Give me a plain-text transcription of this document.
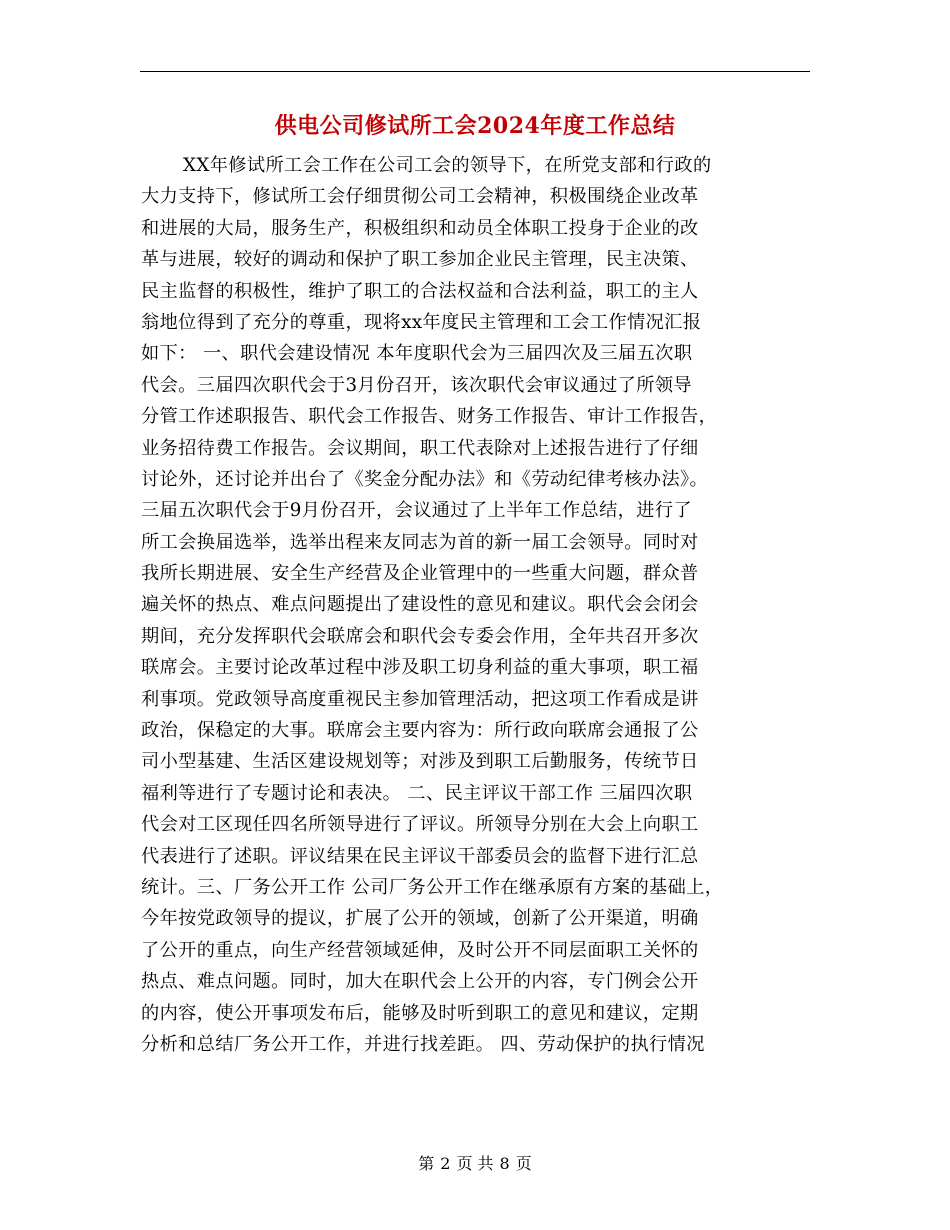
供电公司修试所工会2024年度工作总结
XX年修试所工会工作在公司工会的领导下，在所党支部和行政的
大力支持下，修试所工会仔细贯彻公司工会精神，积极围绕企业改革
和进展的大局，服务生产，积极组织和动员全体职工投身于企业的改
革与进展，较好的调动和保护了职工参加企业民主管理，民主决策、
民主监督的积极性，维护了职工的合法权益和合法利益，职工的主人
翁地位得到了充分的尊重，现将xx年度民主管理和工会工作情况汇报
如下： 一、职代会建设情况 本年度职代会为三届四次及三届五次职
代会。三届四次职代会于3月份召开，该次职代会审议通过了所领导
分管工作述职报告、职代会工作报告、财务工作报告、审计工作报告，
业务招待费工作报告。会议期间，职工代表除对上述报告进行了仔细
讨论外，还讨论并出台了《奖金分配办法》和《劳动纪律考核办法》。
三届五次职代会于9月份召开，会议通过了上半年工作总结，进行了
所工会换届选举，选举出程来友同志为首的新一届工会领导。同时对
我所长期进展、安全生产经营及企业管理中的一些重大问题，群众普
遍关怀的热点、难点问题提出了建设性的意见和建议。职代会会闭会
期间，充分发挥职代会联席会和职代会专委会作用，全年共召开多次
联席会。主要讨论改革过程中涉及职工切身利益的重大事项，职工福
利事项。党政领导高度重视民主参加管理活动，把这项工作看成是讲
政治，保稳定的大事。联席会主要内容为：所行政向联席会通报了公
司小型基建、生活区建设规划等；对涉及到职工后勤服务，传统节日
福利等进行了专题讨论和表决。 二、民主评议干部工作 三届四次职
代会对工区现任四名所领导进行了评议。所领导分别在大会上向职工
代表进行了述职。评议结果在民主评议干部委员会的监督下进行汇总
统计。三、厂务公开工作 公司厂务公开工作在继承原有方案的基础上，
今年按党政领导的提议，扩展了公开的领域，创新了公开渠道，明确
了公开的重点，向生产经营领域延伸，及时公开不同层面职工关怀的
热点、难点问题。同时，加大在职代会上公开的内容，专门例会公开
的内容，使公开事项发布后，能够及时听到职工的意见和建议，定期
分析和总结厂务公开工作，并进行找差距。 四、劳动保护的执行情况
第 2 页 共 8 页
